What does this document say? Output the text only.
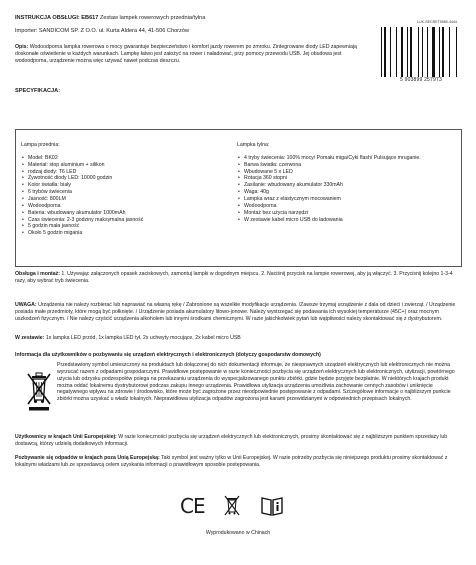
INSTRUKCJA OBSŁUGI: EB617 Zestaw lampek rowerowych przednia/tylna
Importer: SANDICOM SP. Z O.O. ul. Kurta Aldera 44, 41-506 Chorzów
Opis: Wodoodporna lampka rowerowa o mocy gwarantuje bezpieczeństwo i komfort jazdy rowerem po zmroku. Zintegrowane diody LED zapewniają doskonałe oświetlenie w każdych warunkach. Lampkę łatwo jest założyć na rower i naładować, przy pomocy przewodu USB. Jej obudowa jest wodoodporna, urządzenie można więc używać nawet podczas deszczu.
LUK-SECRET5980-4444
5 903899 257973
SPECYFIKACJA:
Lampa przednia:
• Model: BK02
• Materiał: stop aluminium + silikon
• rodzaj diody: T6 LED
• Żywotność diody LED: 10000 godzin
• Kolor światła: biały
• 6 trybów świecenia
• Jasność: 800LM
• Wodoodporna
• Bateria: wbudowany akumulator 1000mAh
• Czas świecenia: 2-3 godziny maksymalna jasność
• 5 godzin mała jasność
• Około 5 godzin migania
Lampka tylna:
• 4 tryby świecenia: 100% mocy/ Pomału miga/Cyki flash/ Pulsujące mruganie.
• Barwa światła: czerwona
• Wbudowane 5 x LED
• Rotacja 360 stopni
• Zasilanie: wbudowany akumulator 330mAh
• Waga: 40g
• Lampka wraz z elastycznym mocowaniem
• Wodoodporna
• Montaż bez użycia narzędzi
• W zestawie kabel micro USB do ładowania
Obsługa i montaż: 1. Używając załączonych opasek zaciskowych, zamontuj lampki w dogodnym miejscu. 2. Naciśnij przycisk na lampie rowerowej, aby ją włączyć. 3. Przycisnij kolejno 1-3-4 razy, aby wybrać tryb świecenia.
UWAGA: Urządzenia nie należy rozbierać lub naprawiać na własną rękę / Zabronione są wszelkie modyfikacje urządzenia. /Zawsze trzymaj urządzenie z dala od dzieci i zwierząt. / Urządzenie posiada małe przedmioty, które mogą być połknięte. / Urządzenie posiada akumulatory litowo-jonowe. Należy wystrzegać się podawania ich wysokiej temperaturze (45C+) oraz mocnym uszkodzeń fizycznym. / Nie należy czyścić urządzenia alkoholem lub innymi środkami chemicznymi. W razie jakichkolwiek pytań lub wątpliwości należy skontaktować się z dystrybutorem.
W zestawie: 1x lampka LED przód, 1x lampka LED tył, 2x uchwyty mocujące, 2x kabel micro USB
Informacja dla użytkowników o pozbywaniu się urządzeń elektrycznych i elektronicznych (dotyczy gospodarstw domowych)
Przedstawiony symbol umieszczony na produktach lub dołączonej do nich dokumentacji informuje, że niesprawnych urządzeń elektrycznych lub elektronicznych nie można wyrzucać razem z odpadami gospodarczymi. Prawidłowe postępowanie w razie konieczności pozbycia się urządzeń elektrycznych lub elektronicznych, utylizacji, powtórnego użycia lub odzysku podzespołów polega na przekazaniu urządzenia do wyspecjalizowanego punktu zbiórki, gdzie będzie przyjęte bezpłatnie. W niektórych krajach produkt można oddać lokalnemu dystrybutorowi podczas zakupu innego urządzenia. Prawidłowa utylizacja urządzenia umożliwia zachowanie cennych zasobów i uniknięcie negatywnego wpływu na zdrowie i środowisko, które może być zagrożone przez nieodpowiednie postępowanie z odpadami. Szczegółowe informacje o najbliższym punkcie zbiórki można uzyskać u władz lokalnych. Nieprawidłowa utylizacja odpadów zagrożona jest karami przewidzianymi w odpowiednich przepisach lokalnych.
Użytkownicy w krajach Unii Europejskiej: W razie konieczności pozbycia się urządzeń elektrycznych lub elektronicznych, prosimy skontaktować się z najbliższym punktem sprzedaży lub dostawcą, którzy udzielą dodatkowych informacji.
Pozbywanie się odpadów w krajach poza Unią Europejską: Taki symbol jest ważny tylko w Unii Europejskej. W razie potrzeby pozbycia się niniejszego produktu prosimy skontaktować z lokalnymi władzami lub ze sprzedawcą celem uzyskania informacji o prawidłowym sposobie postępowania.
CE
Wyprodukowano w Chinach
